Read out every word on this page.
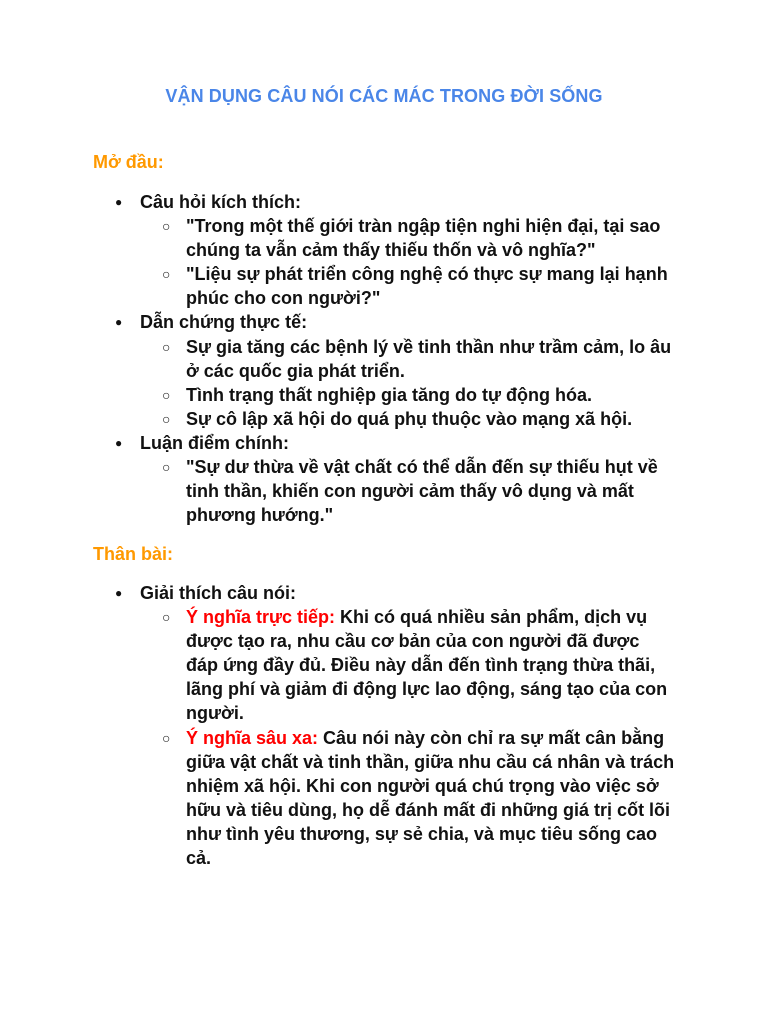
VẬN DỤNG CÂU NÓI CÁC MÁC TRONG ĐỜI SỐNG
Mở đầu:
● Câu hỏi kích thích:
○ "Trong một thế giới tràn ngập tiện nghi hiện đại, tại sao chúng ta vẫn cảm thấy thiếu thốn và vô nghĩa?"
○ "Liệu sự phát triển công nghệ có thực sự mang lại hạnh phúc cho con người?"
● Dẫn chứng thực tế:
○ Sự gia tăng các bệnh lý về tinh thần như trầm cảm, lo âu ở các quốc gia phát triển.
○ Tình trạng thất nghiệp gia tăng do tự động hóa.
○ Sự cô lập xã hội do quá phụ thuộc vào mạng xã hội.
● Luận điểm chính:
○ "Sự dư thừa về vật chất có thể dẫn đến sự thiếu hụt về tinh thần, khiến con người cảm thấy vô dụng và mất phương hướng."
Thân bài:
● Giải thích câu nói:
○ Ý nghĩa trực tiếp: Khi có quá nhiều sản phẩm, dịch vụ được tạo ra, nhu cầu cơ bản của con người đã được đáp ứng đầy đủ. Điều này dẫn đến tình trạng thừa thãi, lãng phí và giảm đi động lực lao động, sáng tạo của con người.
○ Ý nghĩa sâu xa: Câu nói này còn chỉ ra sự mất cân bằng giữa vật chất và tinh thần, giữa nhu cầu cá nhân và trách nhiệm xã hội. Khi con người quá chú trọng vào việc sở hữu và tiêu dùng, họ dễ đánh mất đi những giá trị cốt lõi như tình yêu thương, sự sẻ chia, và mục tiêu sống cao cả.
